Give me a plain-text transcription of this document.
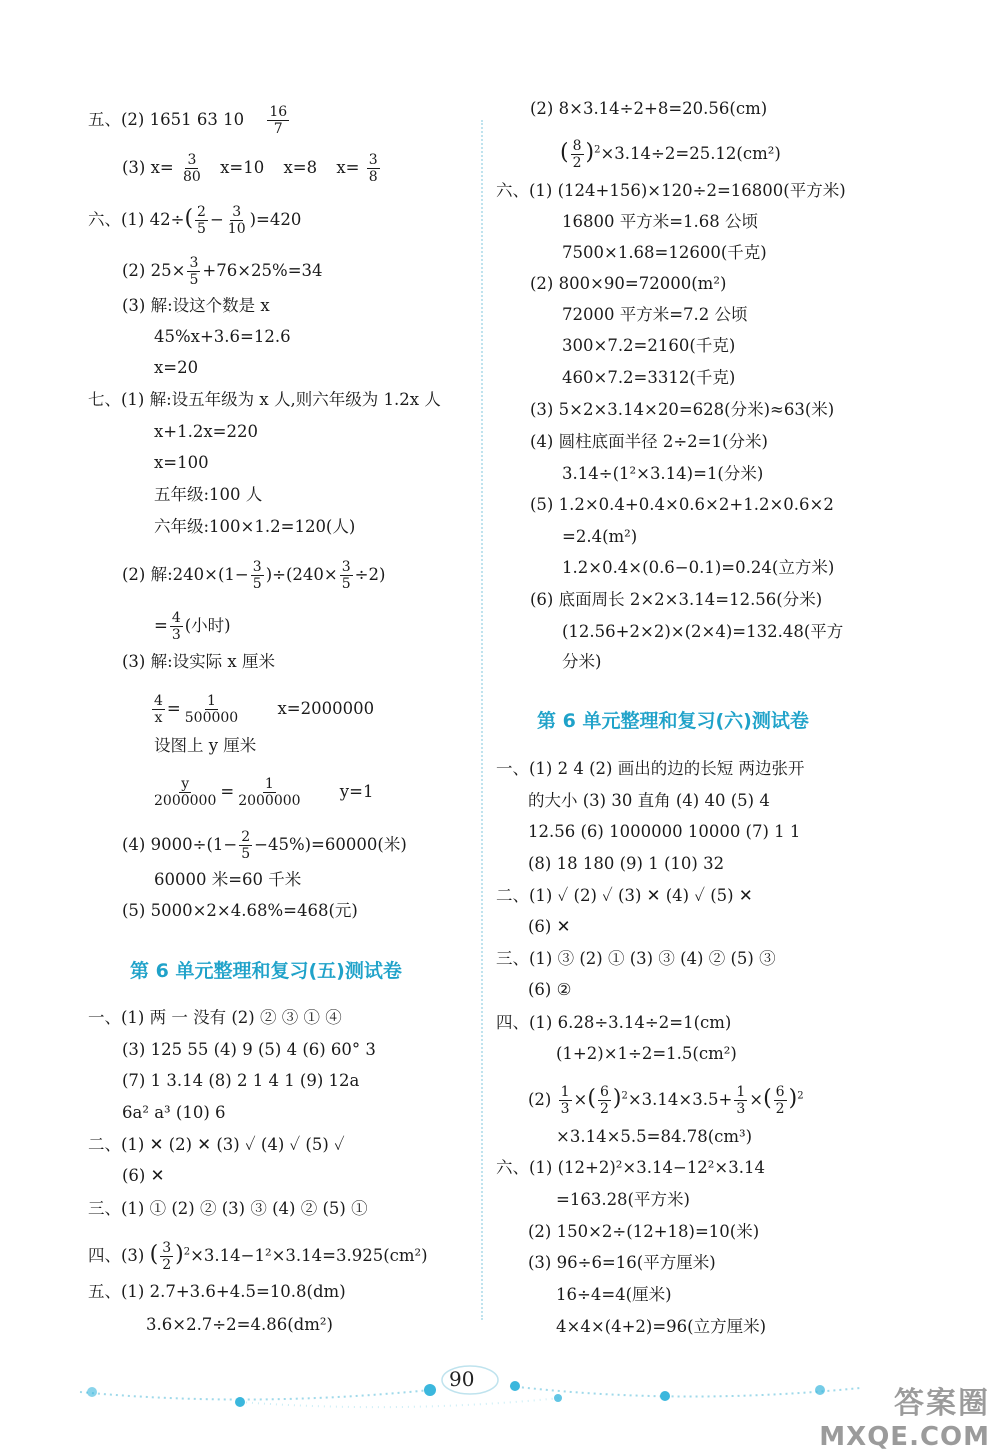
五、(2) 1651 63 $10 \frac{16}{7}$
(3) $x= \frac{3}{80} x=10$ x=8 $x= \frac{3}{8}$
六、(1) $42\div( \frac{2}{5} - \frac{3}{10} )=420$
(2) $25\times \frac{3}{5} +76\times 25\%=34$
(3) 解:设这个数是 x
45%x+3.6=12.6
x=20
七、(1) 解:设五年级为 x 人,则六年级为 1.2x 人
x+1.2x=220
x=100
五年级:100 人
六年级:100×1.2=120(人)
(2) 解:240×(1− $\frac{3}{5} )\div(240\times \frac{3}{5} \div 2)$
= $\frac{4}{3}$ (小时)
(3) 解:设实际 x 厘米
$\frac{4}{x} = \frac{1}{500000} x=2000000$
设图上 y 厘米
$\frac{y}{2000000} = \frac{1}{2000000} y=1$
(4) $9000\div(1- \frac{2}{5} -45\%)=60000$(米)
60000 米=60 千米
(5) 5000×2×4.68%=468(元)
第 6 单元整理和复习(五)测试卷
一、(1) 两 一 没有 (2) ② ③ ① ④
(3) 125 55 (4) 9 (5) 4 (6) 60° 3
(7) 1 3.14 (8) 2 1 4 1 (9) 12a
6a² a³ (10) 6
二、(1) ✕ (2) ✕ (3) ✓ (4) ✓ (5) ✓
(6) ✕
三、(1) ① (2) ② (3) ③ (4) ② (5) ①
四、(3) ( $\frac{3}{2} )^2\times 3.14-1^2\times 3.14=3.925(cm^2)$
五、(1) 2.7+3.6+4.5=10.8(dm)
3.6×2.7÷2=4.86(dm²)
(2) 8×3.14÷2+8=20.56(cm)
( $\frac{8}{2} )^2\times 3.14\div 2=25.12(cm^2)$
六、(1) (124+156)×120÷2=16800(平方米)
16800 平方米=1.68 公顷
7500×1.68=12600(千克)
(2) 800×90=72000(m²)
72000 平方米=7.2 公顷
300×7.2=2160(千克)
460×7.2=3312(千克)
(3) 5×2×3.14×20=628(分米)≈63(米)
(4) 圆柱底面半径 2÷2=1(分米)
3.14÷(1²×3.14)=1(分米)
(5) 1.2×0.4+0.4×0.6×2+1.2×0.6×2
=2.4(m²)
1.2×0.4×(0.6−0.1)=0.24(立方米)
(6) 底面周长 2×2×3.14=12.56(分米)
(12.56+2×2)×(2×4)=132.48(平方
分米)
第 6 单元整理和复习(六)测试卷
一、(1) 2 4 (2) 画出的边的长短 两边张开
的大小 (3) 30 直角 (4) 40 (5) 4
12.56 (6) 1000000 10000 (7) 1 1
(8) 18 180 (9) 1 (10) 32
二、(1) ✓ (2) ✓ (3) ✕ (4) ✓ (5) ✕
(6) ✕
三、(1) ③ (2) ① (3) ③ (4) ② (5) ③
(6) ②
四、(1) 6.28÷3.14÷2=1(cm)
(1+2)×1÷2=1.5(cm²)
$(2) \frac{1}{3}$ ×( $\frac{6}{2} )^2\times 3.14\times 3.5+ \frac{1}{3}$ ×( $\frac{6}{2} )^2$
×3.14×5.5=84.78(cm³)
六、(1) (12+2)²×3.14−12²×3.14
=163.28(平方米)
(2) 150×2÷(12+18)=10(米)
(3) 96÷6=16(平方厘米)
16÷4=4(厘米)
4×4×(4+2)=96(立方厘米)
90
答案圈
MXQE.COM
